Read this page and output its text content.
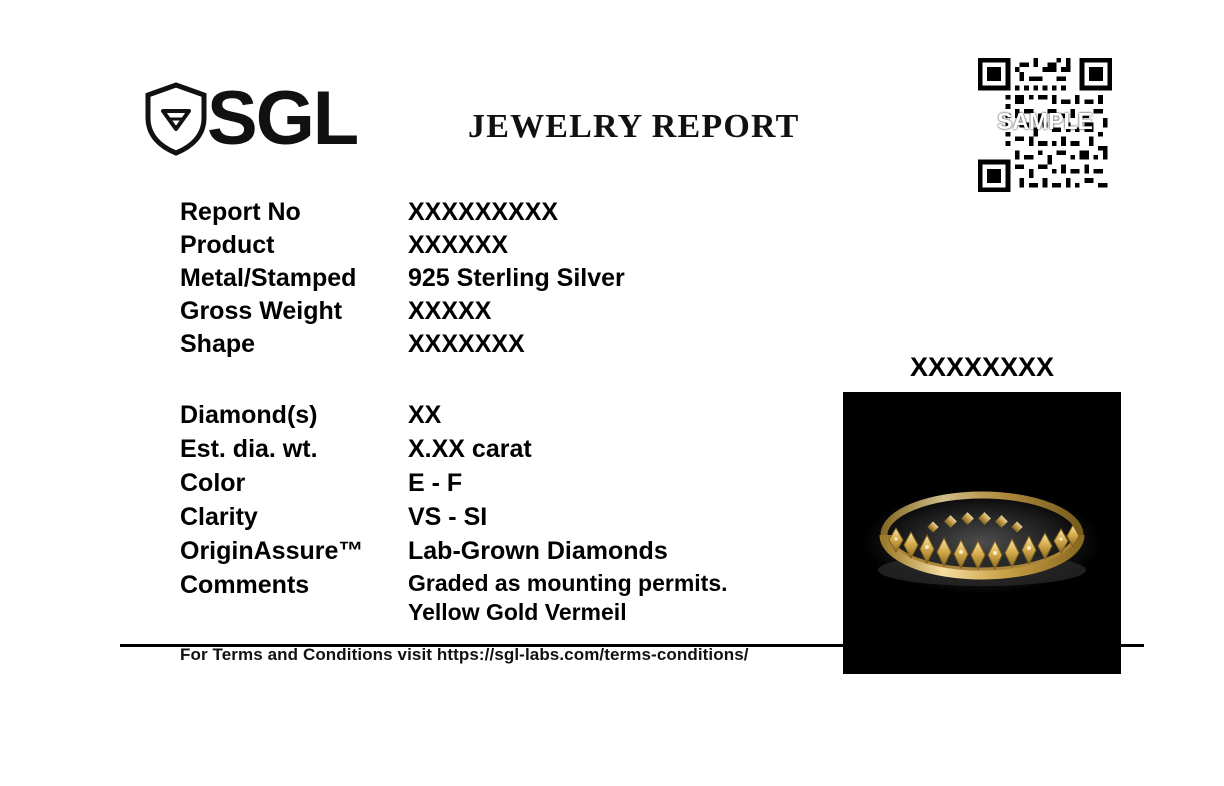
SGL	JEWELRY REPORT	SAMPLE
Report No	XXXXXXXXX
Product	XXXXXX
Metal/Stamped	925 Sterling Silver
Gross Weight	XXXXX
Shape	XXXXXXX
Diamond(s)	XX
Est. dia. wt.	X.XX carat
Color	E - F
Clarity	VS - SI
OriginAssure™	Lab-Grown Diamonds
Comments	Graded as mounting permits.
Yellow Gold Vermeil
XXXXXXXX
For Terms and Conditions visit https://sgl-labs.com/terms-conditions/
